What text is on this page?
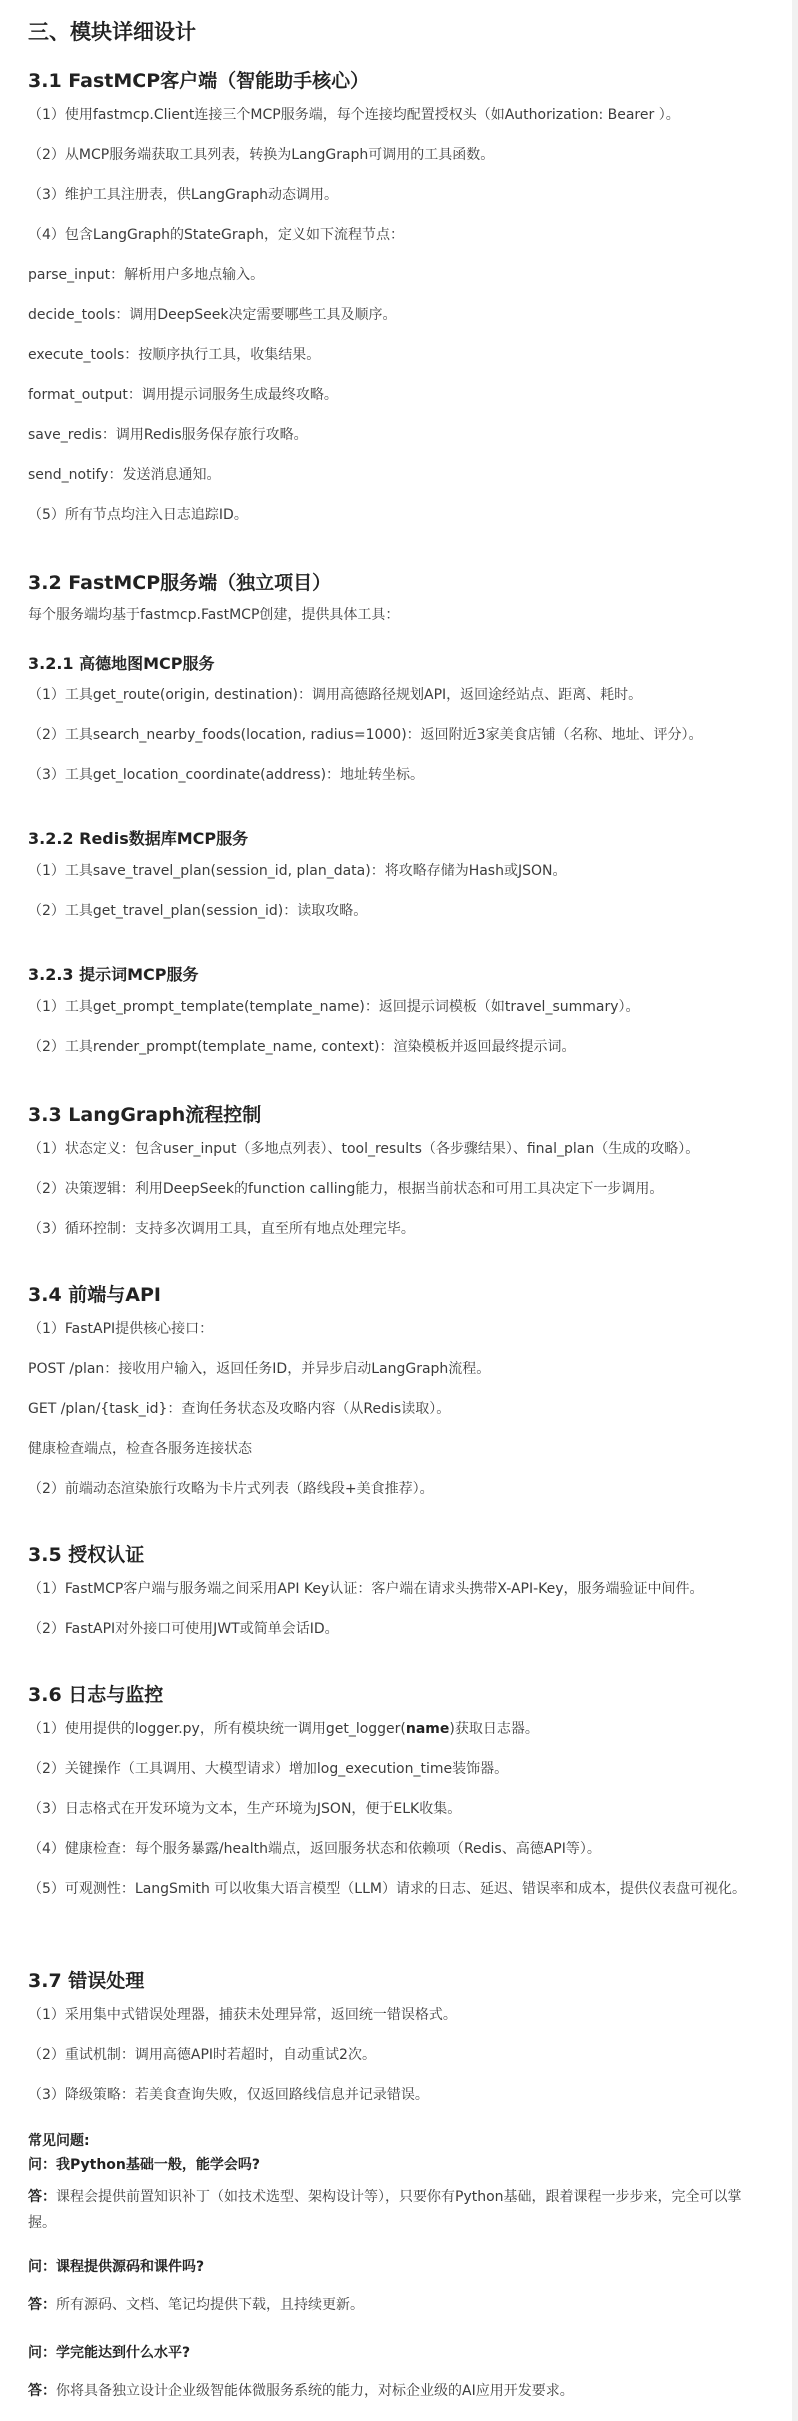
三、模块详细设计
3.1 FastMCP客户端（智能助手核心）
（1）使用fastmcp.Client连接三个MCP服务端，每个连接均配置授权头（如Authorization: Bearer ）。
（2）从MCP服务端获取工具列表，转换为LangGraph可调用的工具函数。
（3）维护工具注册表，供LangGraph动态调用。
（4）包含LangGraph的StateGraph，定义如下流程节点：
parse_input：解析用户多地点输入。
decide_tools：调用DeepSeek决定需要哪些工具及顺序。
execute_tools：按顺序执行工具，收集结果。
format_output：调用提示词服务生成最终攻略。
save_redis：调用Redis服务保存旅行攻略。
send_notify：发送消息通知。
（5）所有节点均注入日志追踪ID。
3.2 FastMCP服务端（独立项目）
每个服务端均基于fastmcp.FastMCP创建，提供具体工具：
3.2.1 高德地图MCP服务
（1）工具get_route(origin, destination)：调用高德路径规划API，返回途经站点、距离、耗时。
（2）工具search_nearby_foods(location, radius=1000)：返回附近3家美食店铺（名称、地址、评分）。
（3）工具get_location_coordinate(address)：地址转坐标。
3.2.2 Redis数据库MCP服务
（1）工具save_travel_plan(session_id, plan_data)：将攻略存储为Hash或JSON。
（2）工具get_travel_plan(session_id)：读取攻略。
3.2.3 提示词MCP服务
（1）工具get_prompt_template(template_name)：返回提示词模板（如travel_summary）。
（2）工具render_prompt(template_name, context)：渲染模板并返回最终提示词。
3.3 LangGraph流程控制
（1）状态定义：包含user_input（多地点列表）、tool_results（各步骤结果）、final_plan（生成的攻略）。
（2）决策逻辑：利用DeepSeek的function calling能力，根据当前状态和可用工具决定下一步调用。
（3）循环控制：支持多次调用工具，直至所有地点处理完毕。
3.4 前端与API
（1）FastAPI提供核心接口：
POST /plan：接收用户输入，返回任务ID，并异步启动LangGraph流程。
GET /plan/{task_id}：查询任务状态及攻略内容（从Redis读取）。
健康检查端点，检查各服务连接状态
（2）前端动态渲染旅行攻略为卡片式列表（路线段+美食推荐）。
3.5 授权认证
（1）FastMCP客户端与服务端之间采用API Key认证：客户端在请求头携带X-API-Key，服务端验证中间件。
（2）FastAPI对外接口可使用JWT或简单会话ID。
3.6 日志与监控
（1）使用提供的logger.py，所有模块统一调用get_logger(name)获取日志器。
（2）关键操作（工具调用、大模型请求）增加log_execution_time装饰器。
（3）日志格式在开发环境为文本，生产环境为JSON，便于ELK收集。
（4）健康检查：每个服务暴露/health端点，返回服务状态和依赖项（Redis、高德API等）。
（5）可观测性：LangSmith 可以收集大语言模型（LLM）请求的日志、延迟、错误率和成本，提供仪表盘可视化。
3.7 错误处理
（1）采用集中式错误处理器，捕获未处理异常，返回统一错误格式。
（2）重试机制：调用高德API时若超时，自动重试2次。
（3）降级策略：若美食查询失败，仅返回路线信息并记录错误。
常见问题:
问：我Python基础一般，能学会吗?
答：课程会提供前置知识补丁（如技术选型、架构设计等），只要你有Python基础，跟着课程一步步来，完全可以掌握。
问：课程提供源码和课件吗?
答：所有源码、文档、笔记均提供下载，且持续更新。
问：学完能达到什么水平?
答：你将具备独立设计企业级智能体微服务系统的能力，对标企业级的AI应用开发要求。
